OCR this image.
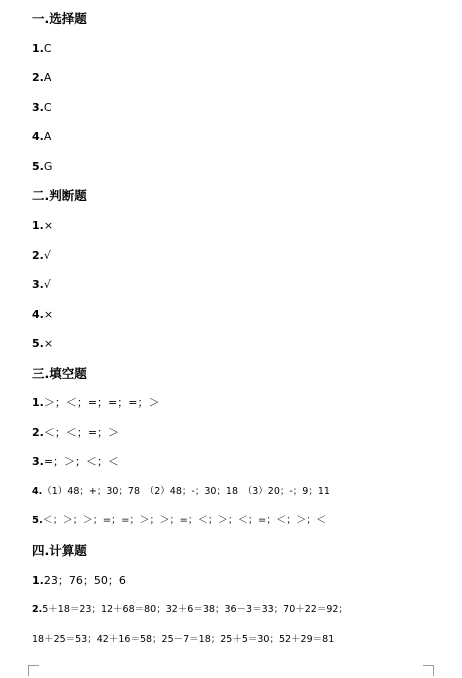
一.选择题
1.C
2.A
3.C
4.A
5.G
二.判断题
1.×
2.√
3.√
4.×
5.×
三.填空题
1.＞；＜；=；=；=；＞
2.＜；＜；=；＞
3.=；＞；＜；＜
4.（1）48；+；30；78　（2）48；-；30；18　（3）20；-；9；11
5.＜；＞；＞；=；=；＞；＞；=；＜；＞；＜；=；＜；＞；＜
四.计算题
1.23；76；50；6
2.5＋18＝23；12＋68＝80；32＋6＝38；36－3＝33；70＋22＝92；
18＋25＝53；42＋16＝58；25－7＝18；25＋5＝30；52＋29＝81
